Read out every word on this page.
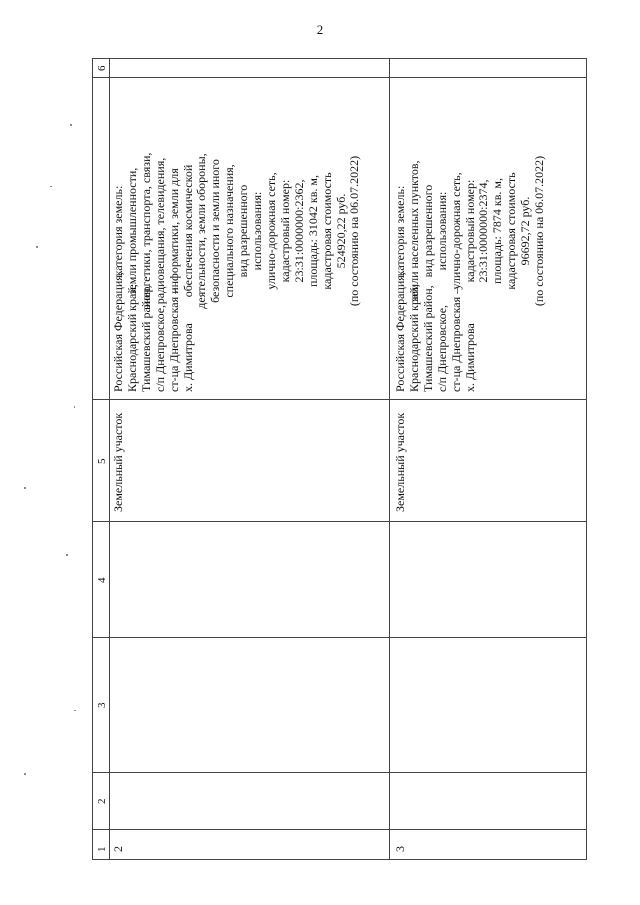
2
6
5
4
3
2
1 2
Земельный участок
Российская Федерация, Краснодарский край, Тимашевский район, с/п Днепровское, ст-ца Днепровская – х. Димитрова
категория земель: земли промышленности, энергетики, транспорта, связи, радиовещания, телевидения, информатики, земли для обеспечения космической деятельности, земли обороны, безопасности и земли иного специального назначения, вид разрешенного использования: улично-дорожная сеть, кадастровый номер: 23:31:0000000:2362, площадь: 31042 кв. м, кадастровая стоимость 524920,22 руб. (по состоянию на 06.07.2022)
3
Земельный участок
Российская Федерация, Краснодарский край, Тимашевский район, с/п Днепровское, ст-ца Днепровская – х. Димитрова
категория земель: земли населенных пунктов, вид разрешенного использования: улично-дорожная сеть, кадастровый номер: 23:31:0000000:2374, площадь: 7874 кв. м, кадастровая стоимость 96692,72 руб. (по состоянию на 06.07.2022)
